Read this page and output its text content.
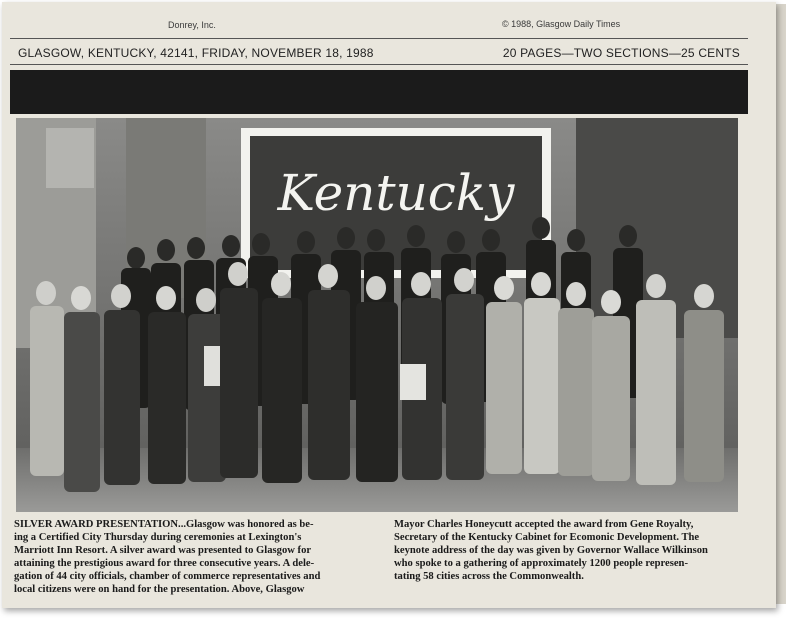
Donrey, Inc.	© 1988, Glasgow Daily Times
GLASGOW, KENTUCKY, 42141, FRIDAY, NOVEMBER 18, 1988	20 PAGES—TWO SECTIONS—25 CENTS
Kentucky
SILVER AWARD PRESENTATION...Glasgow was honored as be-
ing a Certified City Thursday during ceremonies at Lexington's
Marriott Inn Resort. A silver award was presented to Glasgow for
attaining the prestigious award for three consecutive years. A dele-
gation of 44 city officials, chamber of commerce representatives and
local citizens were on hand for the presentation. Above, Glasgow
Mayor Charles Honeycutt accepted the award from Gene Royalty,
Secretary of the Kentucky Cabinet for Ecomonic Development. The
keynote address of the day was given by Governor Wallace Wilkinson
who spoke to a gathering of approximately 1200 people represen-
tating 58 cities across the Commonwealth.
